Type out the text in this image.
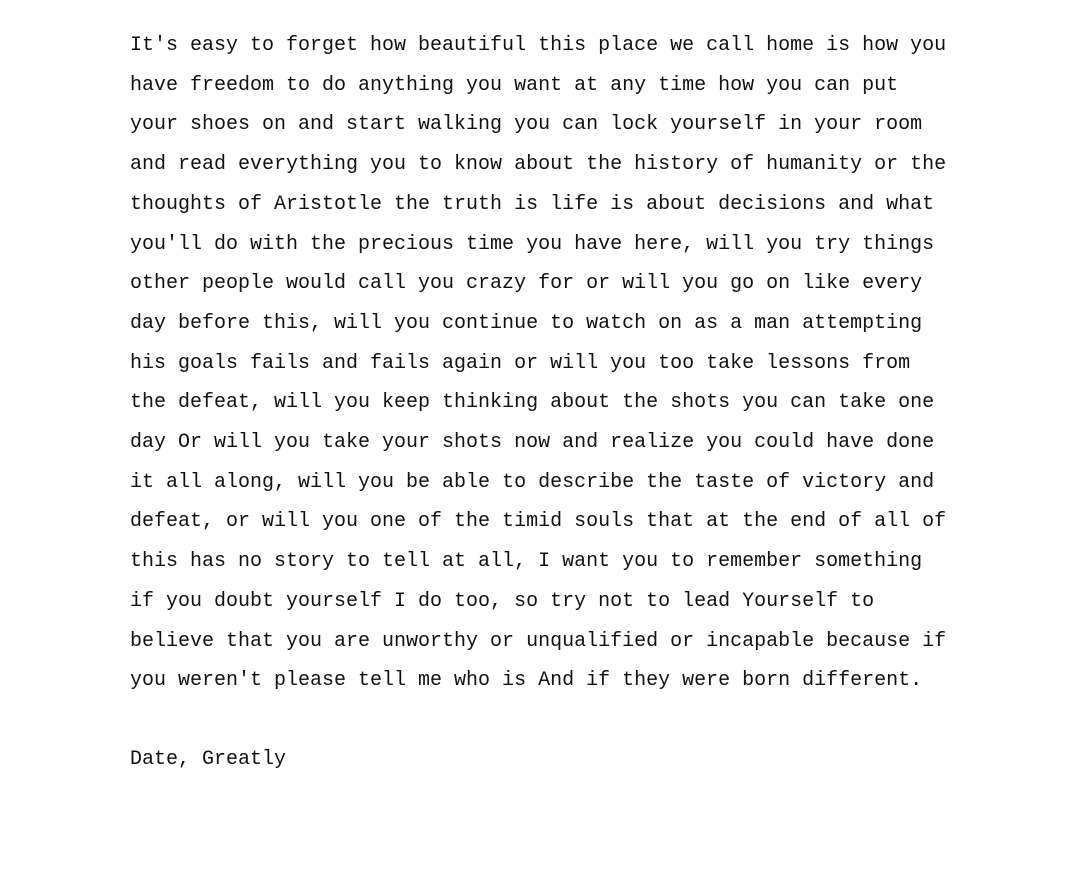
It's easy to forget how beautiful this place we call home is how you
have freedom to do anything you want at any time how you can put
your shoes on and start walking you can lock yourself in your room
and read everything you to know about the history of humanity or the
thoughts of Aristotle the truth is life is about decisions and what
you'll do with the precious time you have here, will you try things
other people would call you crazy for or will you go on like every
day before this, will you continue to watch on as a man attempting
his goals fails and fails again or will you too take lessons from
the defeat, will you keep thinking about the shots you can take one
day Or will you take your shots now and realize you could have done
it all along, will you be able to describe the taste of victory and
defeat, or will you one of the timid souls that at the end of all of
this has no story to tell at all, I want you to remember something
if you doubt yourself I do too, so try not to lead Yourself to
believe that you are unworthy or unqualified or incapable because if
you weren't please tell me who is And if they were born different.
Date, Greatly
